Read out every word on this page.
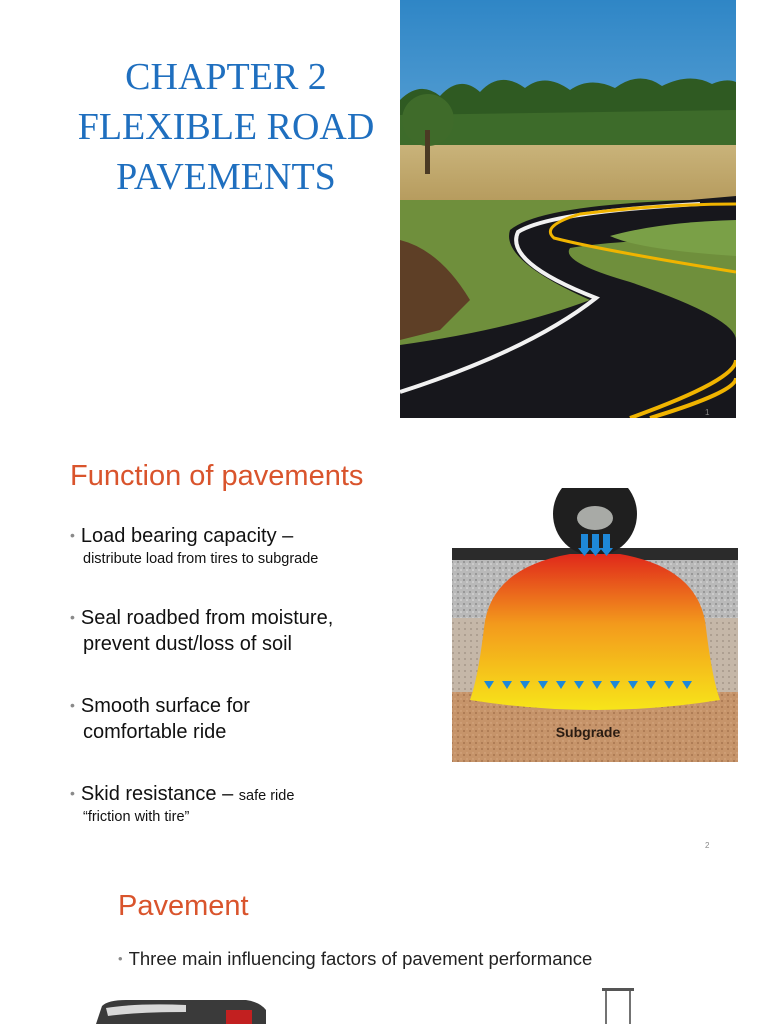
CHAPTER 2
FLEXIBLE ROAD
PAVEMENTS
1
Function of pavements
• Load bearing capacity –
distribute load from tires to subgrade
• Seal roadbed from moisture,
prevent dust/loss of soil
• Smooth surface for
comfortable ride
• Skid resistance – safe ride
“friction with tire”
Subgrade
2
Pavement
• Three main influencing factors of pavement performance
